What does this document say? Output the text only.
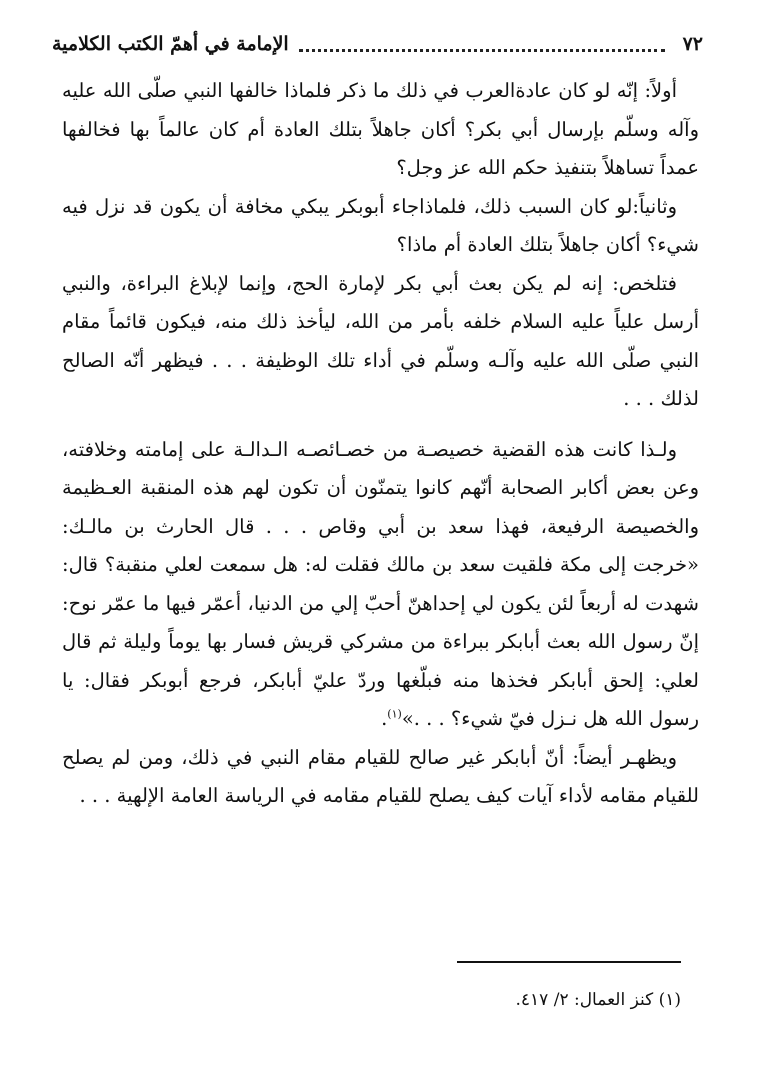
٧٢
الإمامة في أهمّ الكتب الكلامية

أولاً: إنّه لو كان عادةالعرب في ذلك ما ذكر فلماذا خالفها النبي صلّى الله عليه وآله وسلّم بإرسال أبي بكر؟ أكان جاهلاً بتلك العادة أم كان عالماً بها فخالفها عمداً تساهلاً بتنفيذ حكم الله عز وجل؟

وثانياً:لو كان السبب ذلك، فلماذاجاء أبوبكر يبكي مخافة أن يكون قد نزل فيه شيء؟ أكان جاهلاً بتلك العادة أم ماذا؟

فتلخص: إنه لم يكن بعث أبي بكر لإمارة الحج، وإنما لإبلاغ البراءة، والنبي أرسل علياً عليه السلام خلفه بأمر من الله، ليأخذ ذلك منه، فيكون قائماً مقام النبي صلّى الله عليه وآلـه وسلّم في أداء تلك الوظيفة . . . فيظهر أنّه الصالح لذلك . . .

ولـذا كانت هذه القضية خصيصـة من خصـائصـه الـدالـة على إمامته وخلافته، وعن بعض أكابر الصحابة أنّهم كانوا يتمنّون أن تكون لهم هذه المنقبة العـظيمة والخصيصة الرفيعة، فهذا سعد بن أبي وقاص . . . قال الحارث بن مالـك: «خرجت إلى مكة فلقيت سعد بن مالك فقلت له: هل سمعت لعلي منقبة؟ قال: شهدت له أربعاً لئن يكون لي إحداهنّ أحبّ إلي من الدنيا، أعمّر فيها ما عمّر نوح: إنّ رسول الله بعث أبابكر ببراءة من مشركي قريش فسار بها يوماً وليلة ثم قال لعلي: إلحق أبابكر فخذها منه فبلّغها وردّ عليّ أبابكر، فرجع أبوبكر فقال: يا رسول الله هل نـزل فيّ شيء؟ . . .»$^{(١)}$.

ويظهـر أيضاً: أنّ أبابكر غير صالح للقيام مقام النبي في ذلك، ومن لم يصلح للقيام مقامه لأداء آيات كيف يصلح للقيام مقامه في الرياسة العامة الإلهية . . .

(١) كنز العمال: ٢/ ٤١٧.
